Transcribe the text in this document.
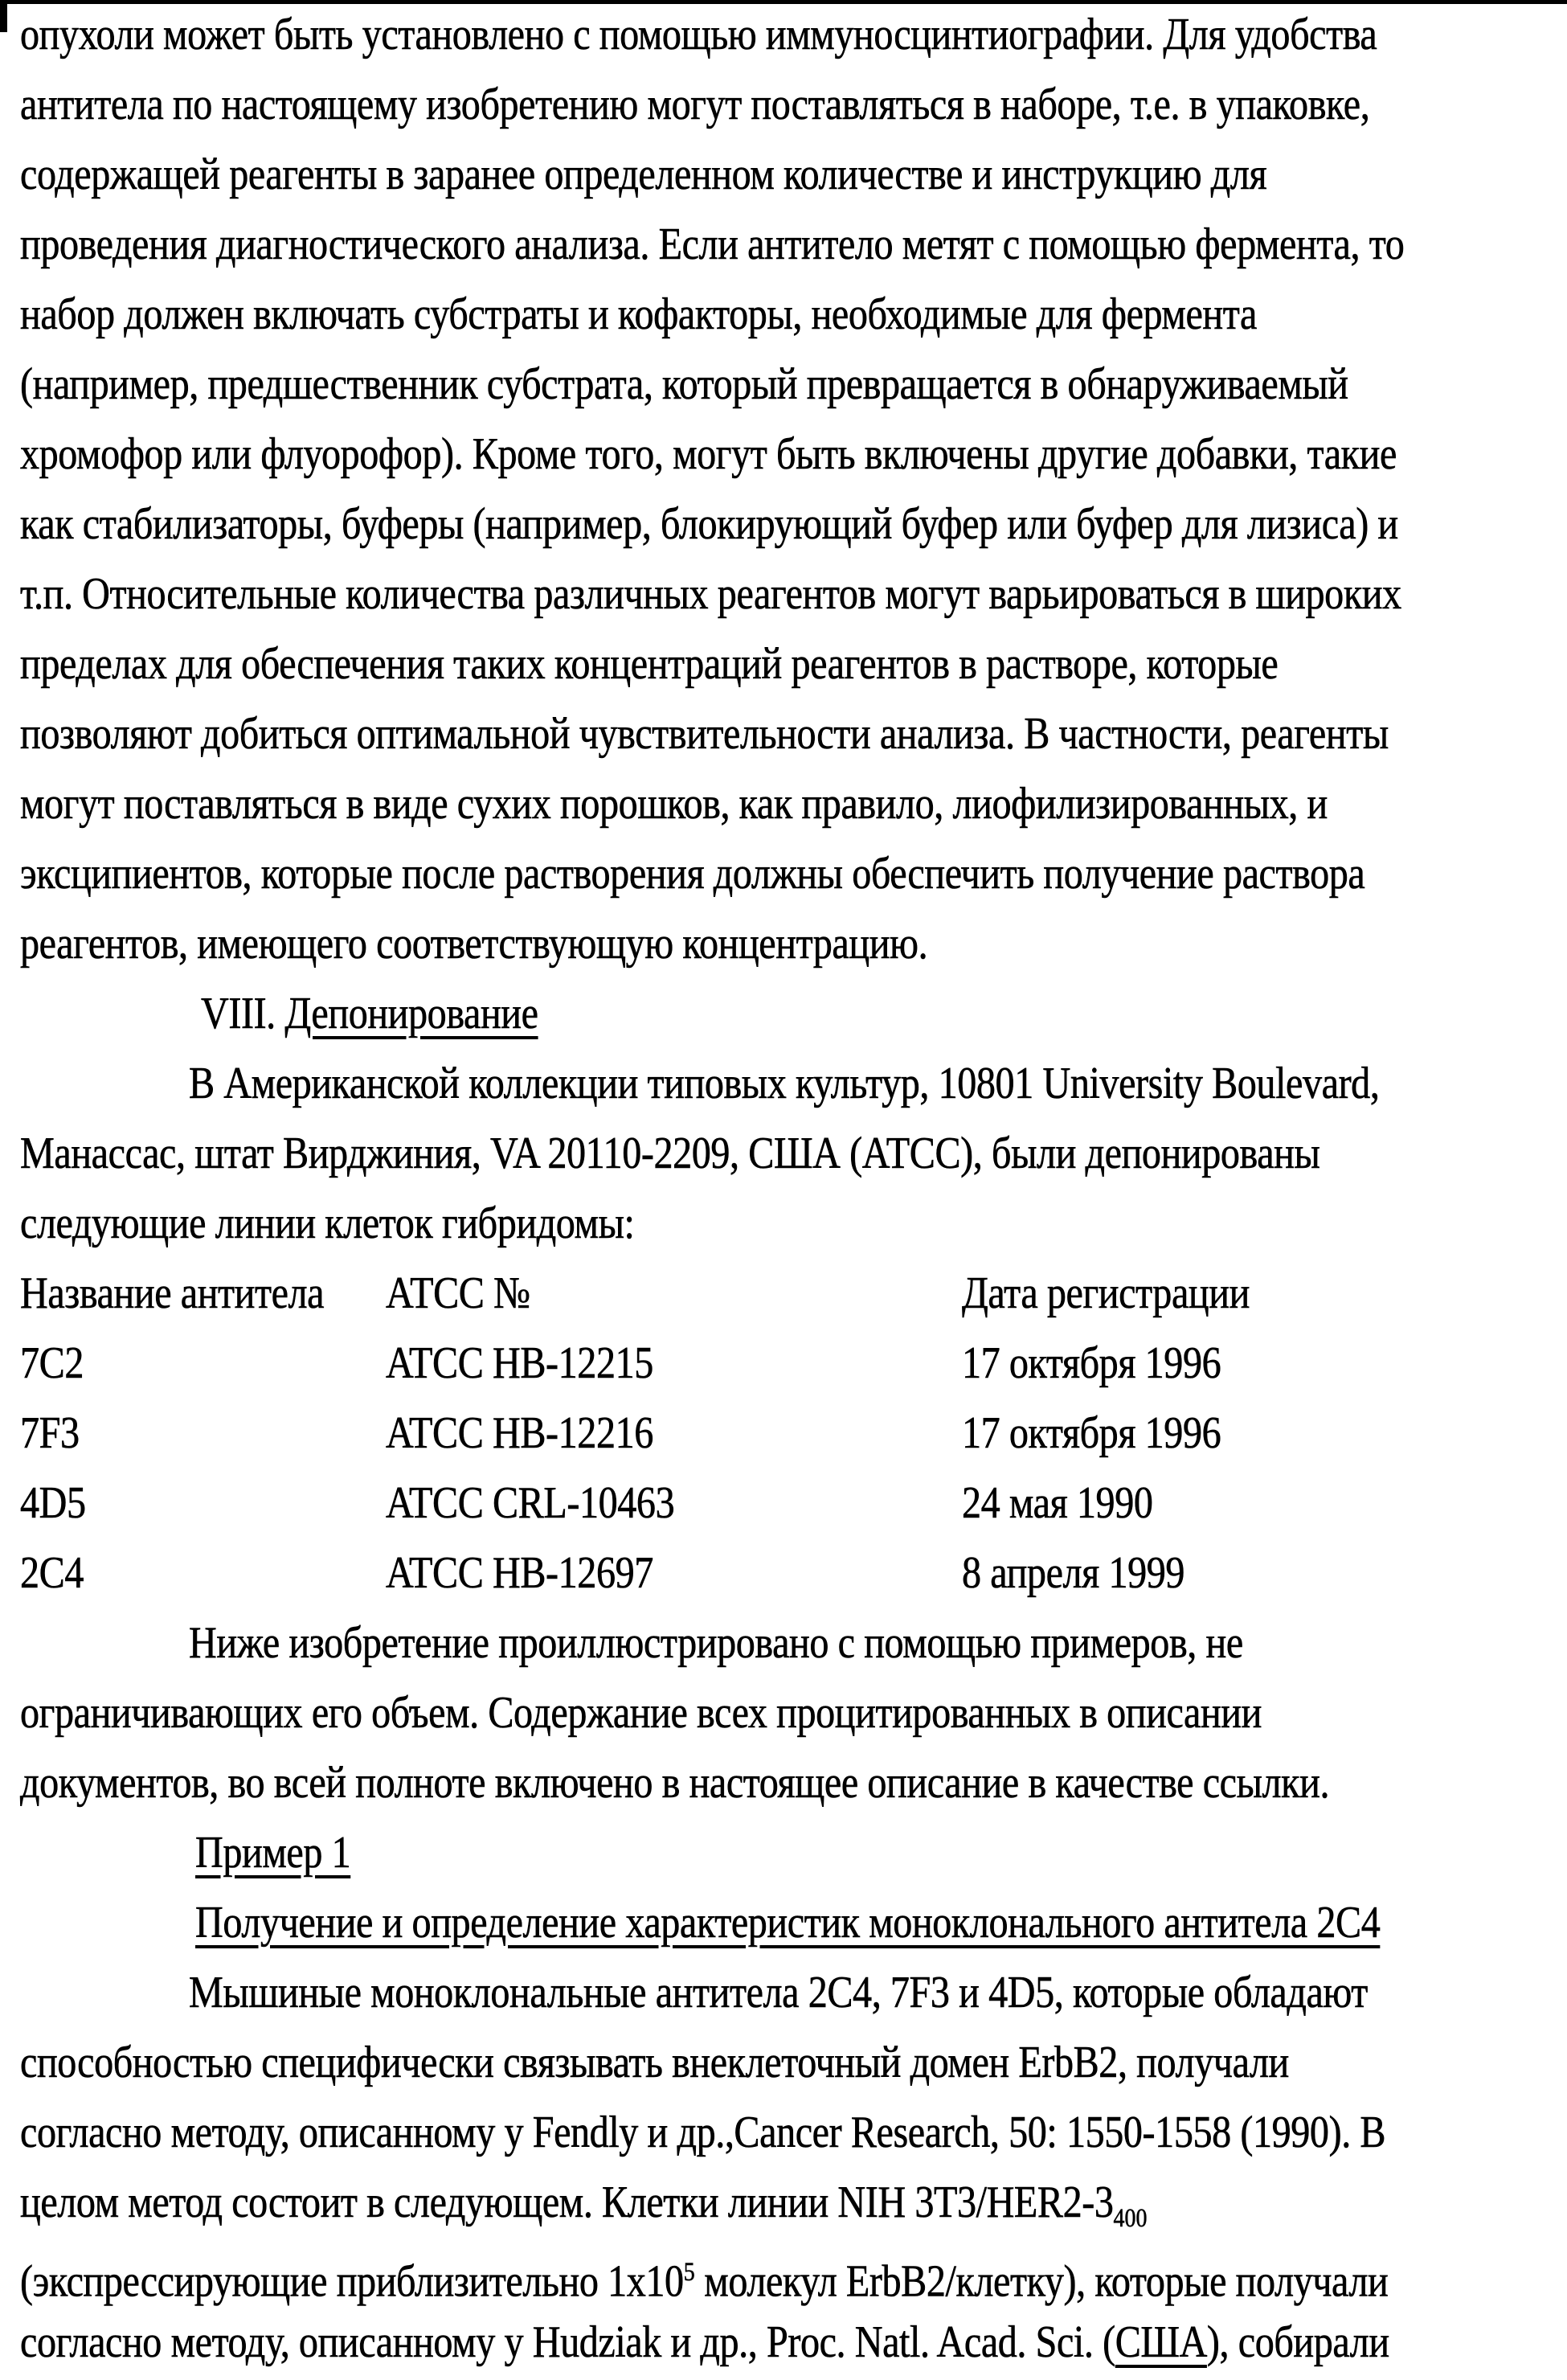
опухоли может быть установлено с помощью иммуносцинтиографии. Для удобства
антитела по настоящему изобретению могут поставляться в наборе, т.е. в упаковке,
содержащей реагенты в заранее определенном количестве и инструкцию для
проведения диагностического анализа. Если антитело метят с помощью фермента, то
набор должен включать субстраты и кофакторы, необходимые для фермента
(например, предшественник субстрата, который превращается в обнаруживаемый
хромофор или флуорофор). Кроме того, могут быть включены другие добавки, такие
как стабилизаторы, буферы (например, блокирующий буфер или буфер для лизиса) и
т.п. Относительные количества различных реагентов могут варьироваться в широких
пределах для обеспечения таких концентраций реагентов в растворе, которые
позволяют добиться оптимальной чувствительности анализа. В частности, реагенты
могут поставляться в виде сухих порошков, как правило, лиофилизированных, и
эксципиентов, которые после растворения должны обеспечить получение раствора
реагентов, имеющего соответствующую концентрацию.
VIII. Депонирование
В Американской коллекции типовых культур, 10801 University Boulevard,
Манассас, штат Вирджиния, VA 20110-2209, США (АТСС), были депонированы
следующие линии клеток гибридомы:
Название антитела	АТСС №	Дата регистрации
7C2	ATCC HB-12215	17 октября 1996
7F3	ATCC HB-12216	17 октября 1996
4D5	ATCC CRL-10463	24 мая 1990
2C4	ATCC HB-12697	8 апреля 1999
Ниже изобретение проиллюстрировано с помощью примеров, не
ограничивающих его объем. Содержание всех процитированных в описании
документов, во всей полноте включено в настоящее описание в качестве ссылки.
Пример 1
Получение и определение характеристик моноклонального антитела 2C4
Мышиные моноклональные антитела 2C4, 7F3 и 4D5, которые обладают
способностью специфически связывать внеклеточный домен ErbB2, получали
согласно методу, описанному у Fendly и др.,Cancer Research, 50: 1550-1558 (1990). В
целом метод состоит в следующем. Клетки линии NIH $3T3/HER2-3_{400}$
(экспрессирующие приблизительно $1x10^5$ молекул ErbB2/клетку), которые получали
согласно методу, описанному у Hudziak и др., Proc. Natl. Acad. Sci. (США), собирали
